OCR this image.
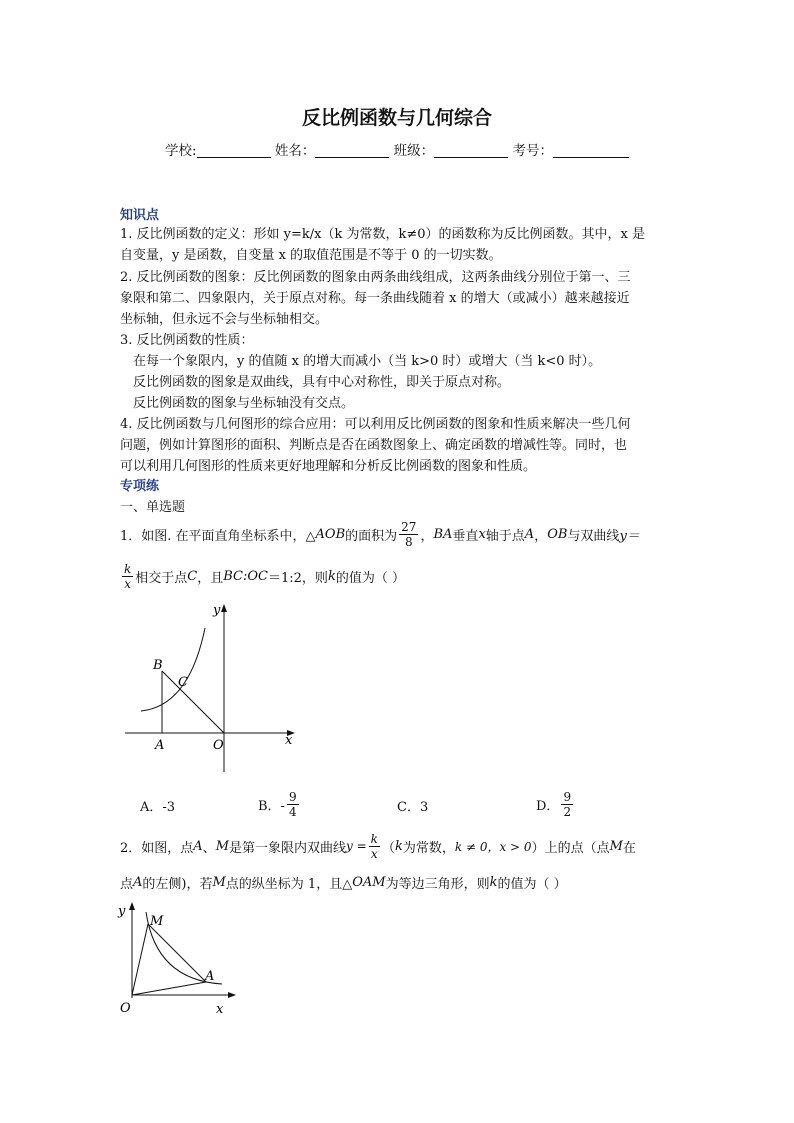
反比例函数与几何综合
学校:	姓名：	班级：	考号：
知识点
1. 反比例函数的定义：形如 y=k/x（k 为常数，k≠0）的函数称为反比例函数。其中，x 是
自变量，y 是函数，自变量 x 的取值范围是不等于 0 的一切实数。
2. 反比例函数的图象：反比例函数的图象由两条曲线组成，这两条曲线分别位于第一、三
象限和第二、四象限内，关于原点对称。每一条曲线随着 x 的增大（或减小）越来越接近
坐标轴，但永远不会与坐标轴相交。
3. 反比例函数的性质：
在每一个象限内，y 的值随 x 的增大而减小（当 k>0 时）或增大（当 k<0 时）。
反比例函数的图象是双曲线，具有中心对称性，即关于原点对称。
反比例函数的图象与坐标轴没有交点。
4. 反比例函数与几何图形的综合应用：可以利用反比例函数的图象和性质来解决一些几何
问题，例如计算图形的面积、判断点是否在函数图象上、确定函数的增减性等。同时，也
可以利用几何图形的性质来更好地理解和分析反比例函数的图象和性质。
专项练
一、单选题
1．如图. 在平面直角坐标系中，△ AOB 的面积为 $\frac{27}{8}$ ， BA 垂直 x 轴于点 A ， OB 与双曲线 y＝
$\frac{k}{x}$ 相交于点 C ，且 BC:OC ＝1:2，则 k 的值为（ ）
y
x
B
C
A	O
A．-3	B．- $\frac{9}{4}$	C．3	D． $\frac{9}{2}$
2．如图，点 A 、 M 是第一象限内双曲线 $y = \frac{k}{x}$ （ k 为常数， k ≠ 0，x > 0 ）上的点（点 M 在
点 A 的左侧)，若 M 点的纵坐标为 1，且△ OAM 为等边三角形，则 k 的值为（ ）
y
M
A
O	x
